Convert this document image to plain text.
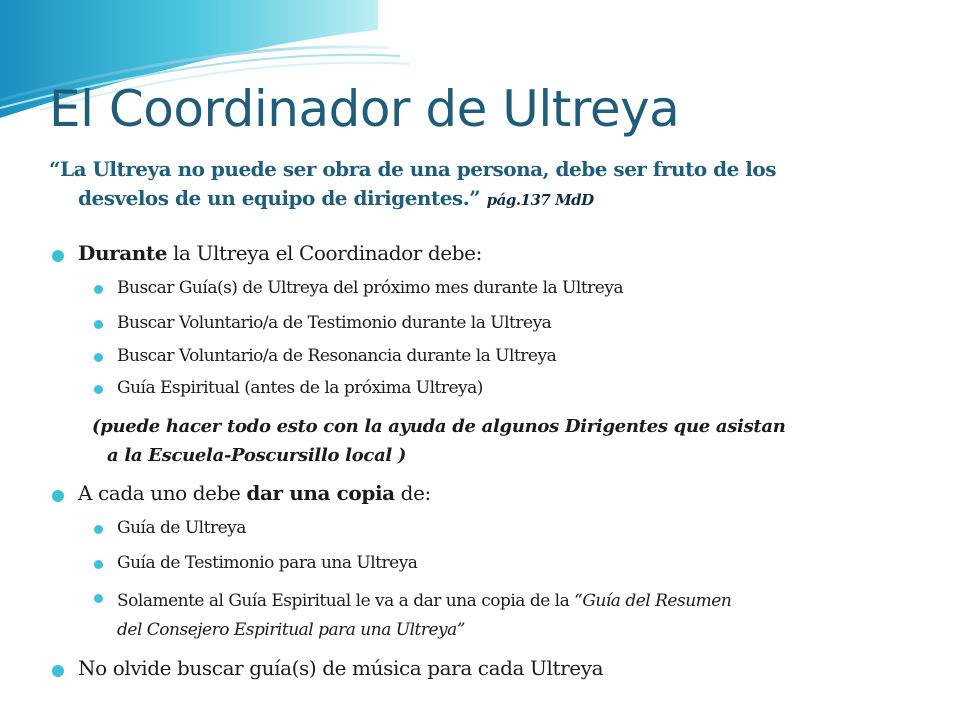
El Coordinador de Ultreya
“La Ultreya no puede ser obra de una persona, debe ser fruto de los
desvelos de un equipo de dirigentes.” pág.137 MdD
Durante la Ultreya el Coordinador debe:
Buscar Guía(s) de Ultreya del próximo mes durante la Ultreya
Buscar Voluntario/a de Testimonio durante la Ultreya
Buscar Voluntario/a de Resonancia durante la Ultreya
Guía Espiritual (antes de la próxima Ultreya)
(puede hacer todo esto con la ayuda de algunos Dirigentes que asistan
a la Escuela-Poscursillo local )
A cada uno debe dar una copia de:
Guía de Ultreya
Guía de Testimonio para una Ultreya
Solamente al Guía Espiritual le va a dar una copia de la “Guía del Resumen
del Consejero Espiritual para una Ultreya”
No olvide buscar guía(s) de música para cada Ultreya
